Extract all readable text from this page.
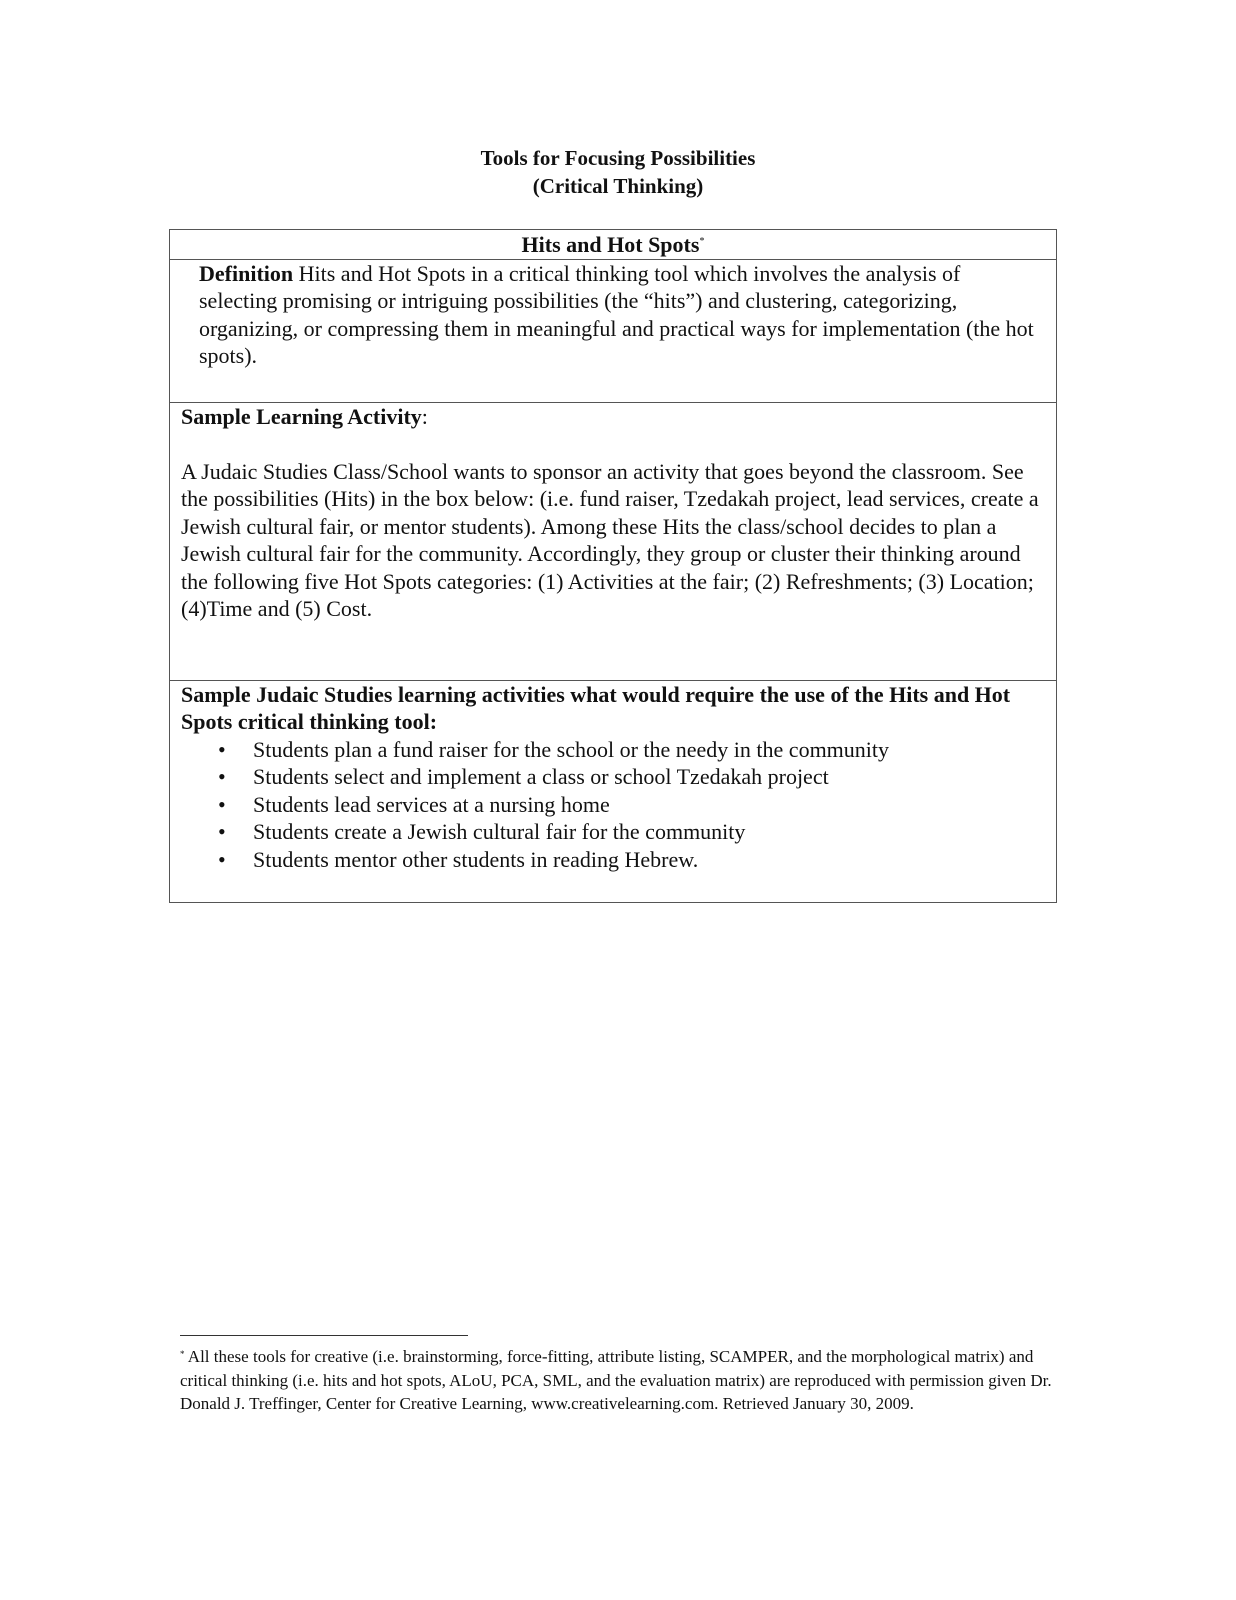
Tools for Focusing Possibilities
(Critical Thinking)
Hits and Hot Spots*

Definition Hits and Hot Spots in a critical thinking tool which involves the analysis of selecting promising or intriguing possibilities (the “hits”) and clustering, categorizing, organizing, or compressing them in meaningful and practical ways for implementation (the hot spots).

Sample Learning Activity:
A Judaic Studies Class/School wants to sponsor an activity that goes beyond the classroom. See the possibilities (Hits) in the box below: (i.e. fund raiser, Tzedakah project, lead services, create a Jewish cultural fair, or mentor students). Among these Hits the class/school decides to plan a Jewish cultural fair for the community. Accordingly, they group or cluster their thinking around the following five Hot Spots categories: (1) Activities at the fair; (2) Refreshments; (3) Location; (4)Time and (5) Cost.

Sample Judaic Studies learning activities what would require the use of the Hits and Hot Spots critical thinking tool:
• Students plan a fund raiser for the school or the needy in the community
• Students select and implement a class or school Tzedakah project
• Students lead services at a nursing home
• Students create a Jewish cultural fair for the community
• Students mentor other students in reading Hebrew.
* All these tools for creative (i.e. brainstorming, force-fitting, attribute listing, SCAMPER, and the morphological matrix) and critical thinking (i.e. hits and hot spots, ALoU, PCA, SML, and the evaluation matrix) are reproduced with permission given Dr. Donald J. Treffinger, Center for Creative Learning, www.creativelearning.com. Retrieved January 30, 2009.
